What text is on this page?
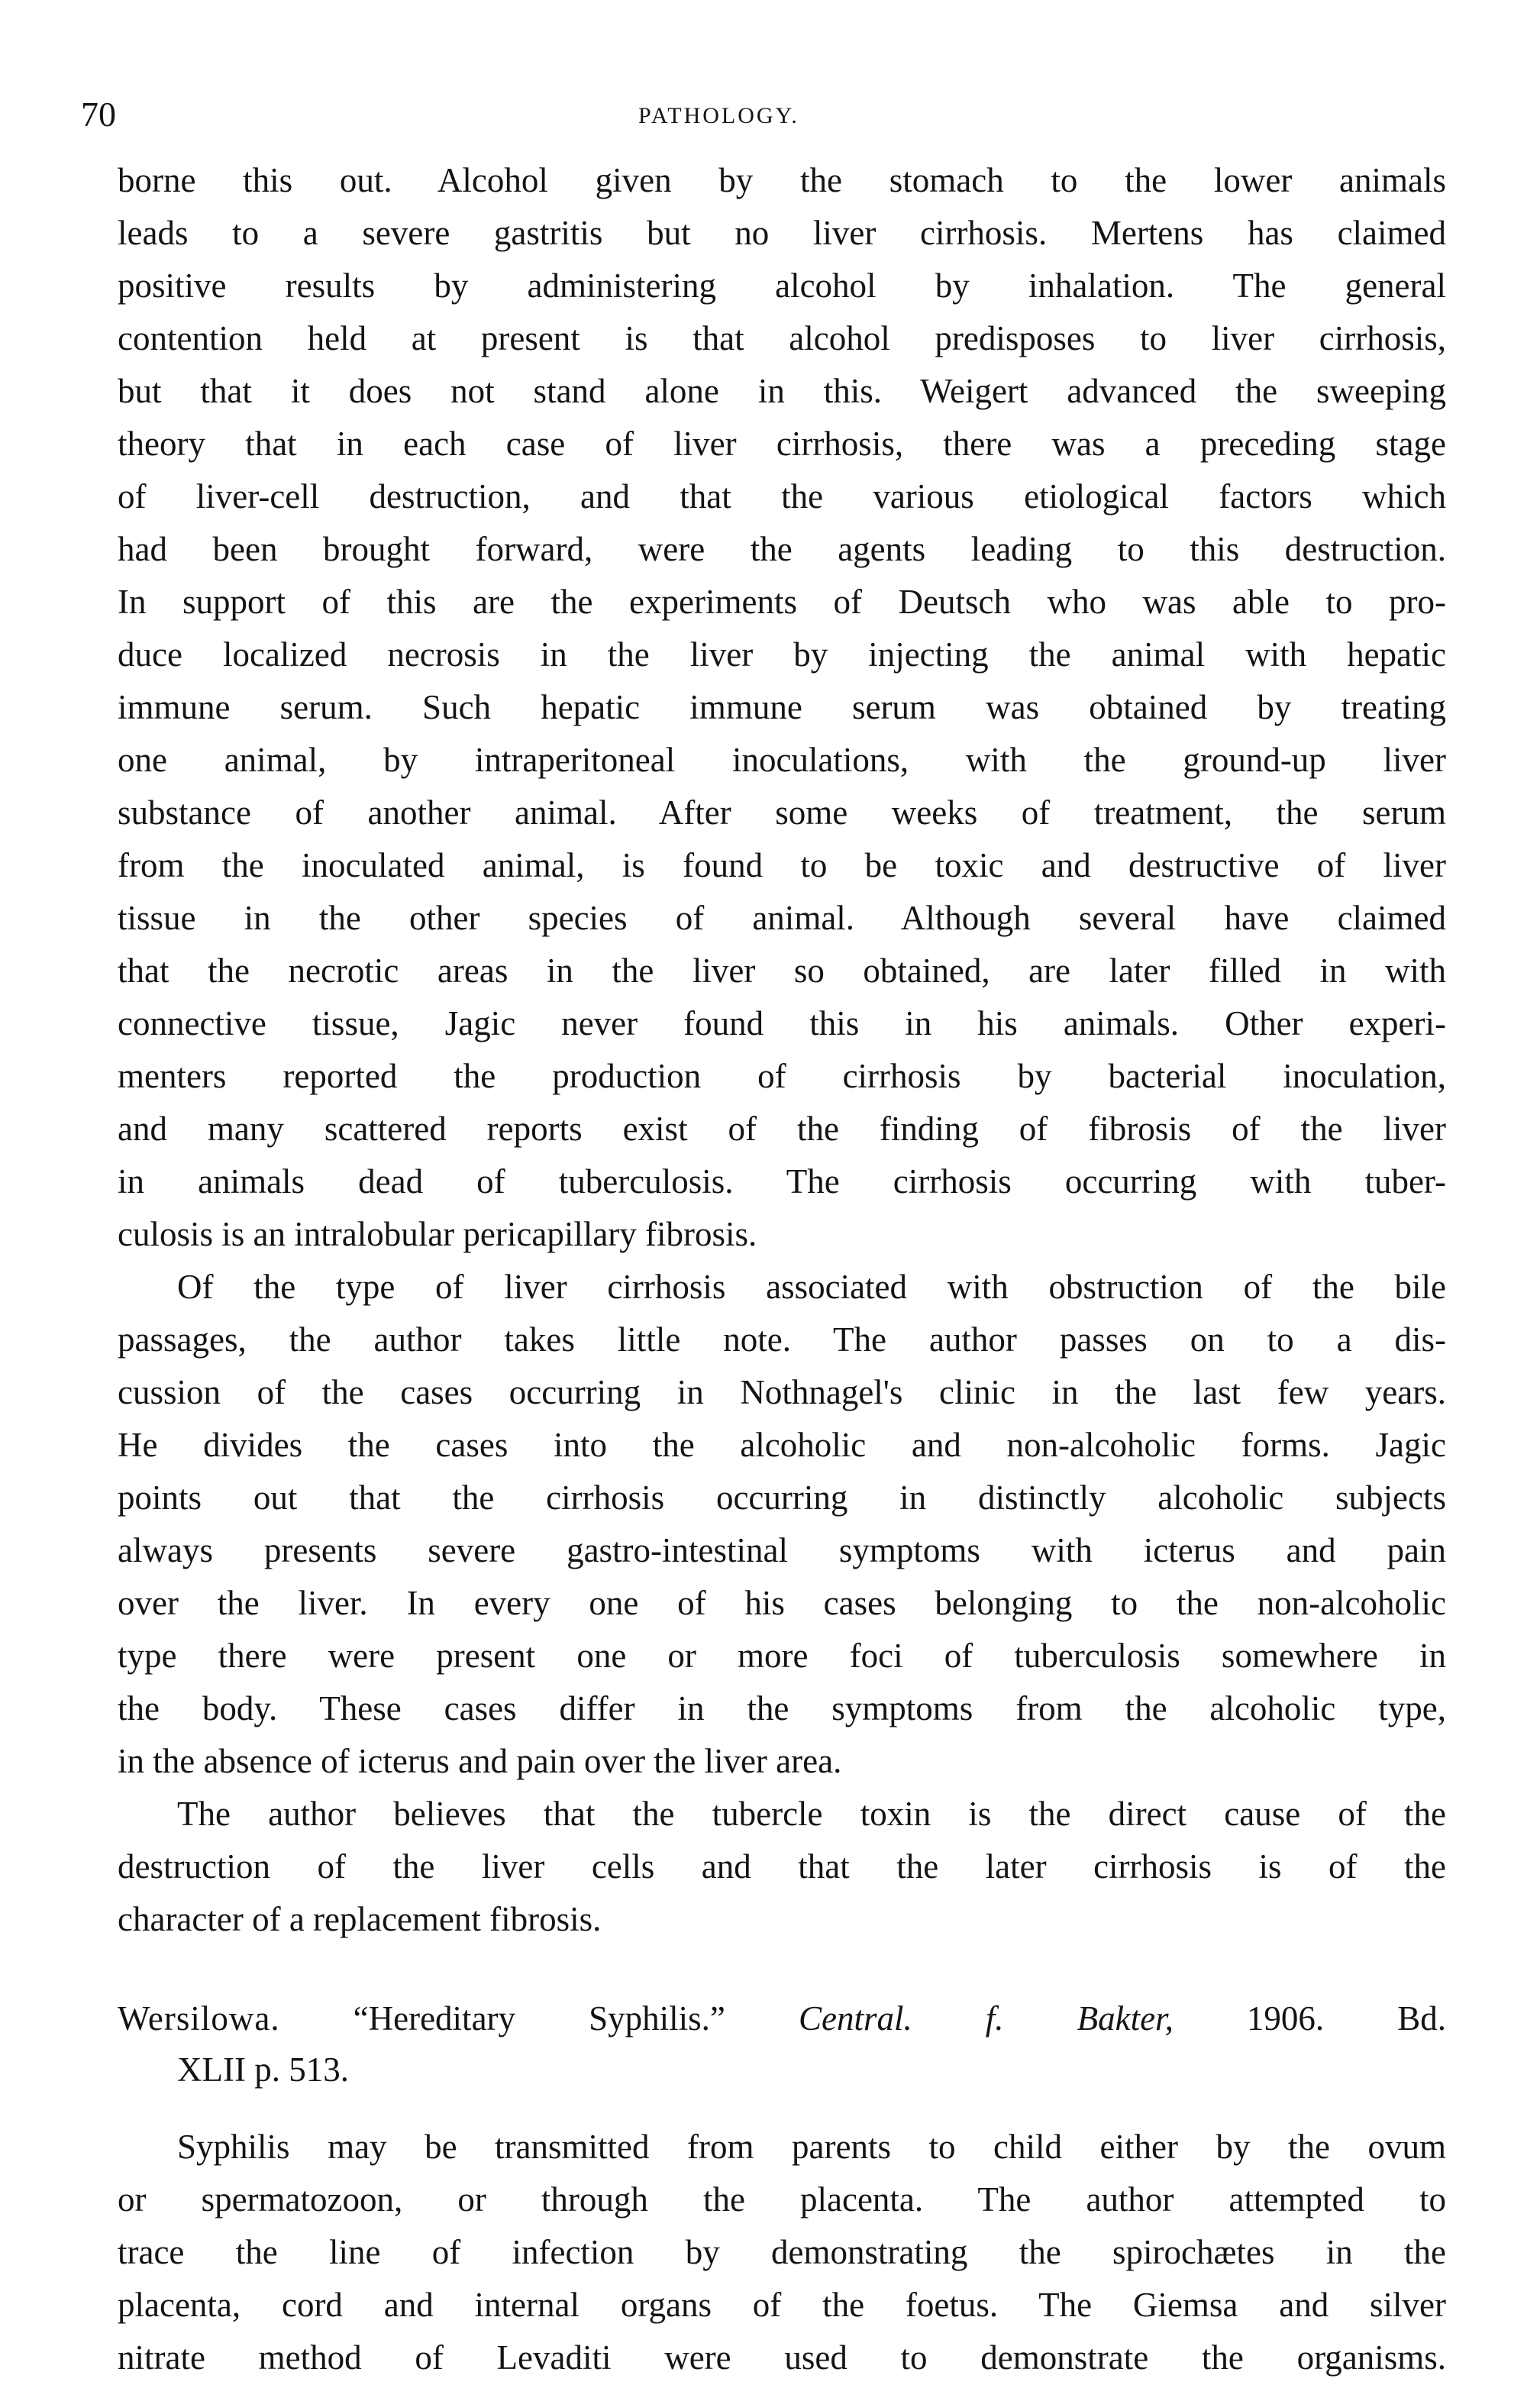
70	PATHOLOGY.
borne this out. Alcohol given by the stomach to the lower animals
leads to a severe gastritis but no liver cirrhosis. Mertens has claimed
positive results by administering alcohol by inhalation. The general
contention held at present is that alcohol predisposes to liver cirrhosis,
but that it does not stand alone in this. Weigert advanced the sweeping
theory that in each case of liver cirrhosis, there was a preceding stage
of liver-cell destruction, and that the various etiological factors which
had been brought forward, were the agents leading to this destruction.
In support of this are the experiments of Deutsch who was able to pro-
duce localized necrosis in the liver by injecting the animal with hepatic
immune serum. Such hepatic immune serum was obtained by treating
one animal, by intraperitoneal inoculations, with the ground-up liver
substance of another animal. After some weeks of treatment, the serum
from the inoculated animal, is found to be toxic and destructive of liver
tissue in the other species of animal. Although several have claimed
that the necrotic areas in the liver so obtained, are later filled in with
connective tissue, Jagic never found this in his animals. Other experi-
menters reported the production of cirrhosis by bacterial inoculation,
and many scattered reports exist of the finding of fibrosis of the liver
in animals dead of tuberculosis. The cirrhosis occurring with tuber-
culosis is an intralobular pericapillary fibrosis.
Of the type of liver cirrhosis associated with obstruction of the bile
passages, the author takes little note. The author passes on to a dis-
cussion of the cases occurring in Nothnagel's clinic in the last few years.
He divides the cases into the alcoholic and non-alcoholic forms. Jagic
points out that the cirrhosis occurring in distinctly alcoholic subjects
always presents severe gastro-intestinal symptoms with icterus and pain
over the liver. In every one of his cases belonging to the non-alcoholic
type there were present one or more foci of tuberculosis somewhere in
the body. These cases differ in the symptoms from the alcoholic type,
in the absence of icterus and pain over the liver area.
The author believes that the tubercle toxin is the direct cause of the
destruction of the liver cells and that the later cirrhosis is of the
character of a replacement fibrosis.
Wersilowa. “Hereditary Syphilis.” Central. f. Bakter, 1906. Bd.
XLII p. 513.
Syphilis may be transmitted from parents to child either by the ovum
or spermatozoon, or through the placenta. The author attempted to
trace the line of infection by demonstrating the spirochætes in the
placenta, cord and internal organs of the foetus. The Giemsa and silver
nitrate method of Levaditi were used to demonstrate the organisms.
